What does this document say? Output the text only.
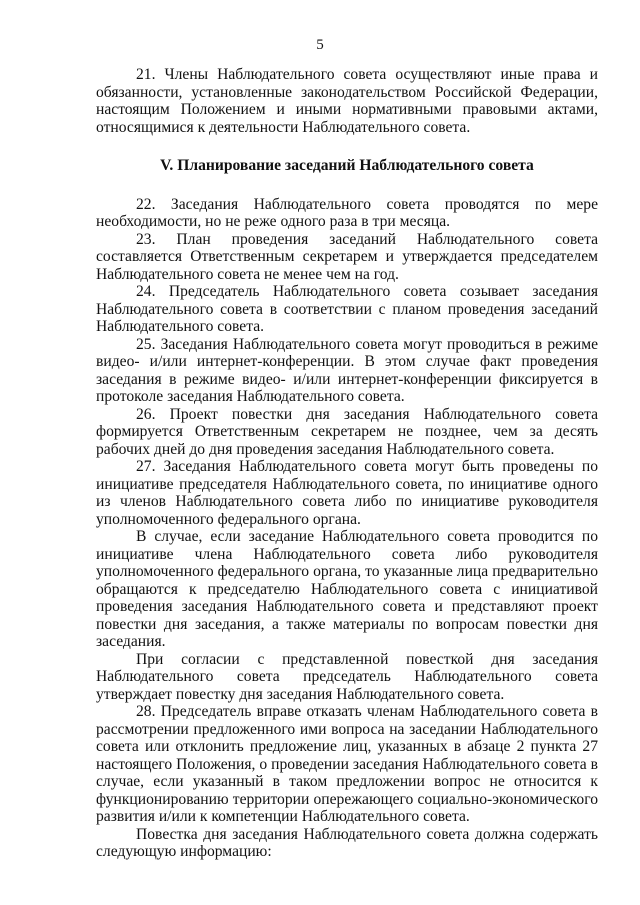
5

21. Члены Наблюдательного совета осуществляют иные права и обязанности, установленные законодательством Российской Федерации, настоящим Положением и иными нормативными правовыми актами, относящимися к деятельности Наблюдательного совета.

V. Планирование заседаний Наблюдательного совета

22. Заседания Наблюдательного совета проводятся по мере необходимости, но не реже одного раза в три месяца.

23. План проведения заседаний Наблюдательного совета составляется Ответственным секретарем и утверждается председателем Наблюдательного совета не менее чем на год.

24. Председатель Наблюдательного совета созывает заседания Наблюдательного совета в соответствии с планом проведения заседаний Наблюдательного совета.

25. Заседания Наблюдательного совета могут проводиться в режиме видео- и/или интернет-конференции. В этом случае факт проведения заседания в режиме видео- и/или интернет-конференции фиксируется в протоколе заседания Наблюдательного совета.

26. Проект повестки дня заседания Наблюдательного совета формируется Ответственным секретарем не позднее, чем за десять рабочих дней до дня проведения заседания Наблюдательного совета.

27. Заседания Наблюдательного совета могут быть проведены по инициативе председателя Наблюдательного совета, по инициативе одного из членов Наблюдательного совета либо по инициативе руководителя уполномоченного федерального органа.

В случае, если заседание Наблюдательного совета проводится по инициативе члена Наблюдательного совета либо руководителя уполномоченного федерального органа, то указанные лица предварительно обращаются к председателю Наблюдательного совета с инициативой проведения заседания Наблюдательного совета и представляют проект повестки дня заседания, а также материалы по вопросам повестки дня заседания.

При согласии с представленной повесткой дня заседания Наблюдательного совета председатель Наблюдательного совета утверждает повестку дня заседания Наблюдательного совета.

28. Председатель вправе отказать членам Наблюдательного совета в рассмотрении предложенного ими вопроса на заседании Наблюдательного совета или отклонить предложение лиц, указанных в абзаце 2 пункта 27 настоящего Положения, о проведении заседания Наблюдательного совета в случае, если указанный в таком предложении вопрос не относится к функционированию территории опережающего социально-экономического развития и/или к компетенции Наблюдательного совета.

Повестка дня заседания Наблюдательного совета должна содержать следующую информацию:
